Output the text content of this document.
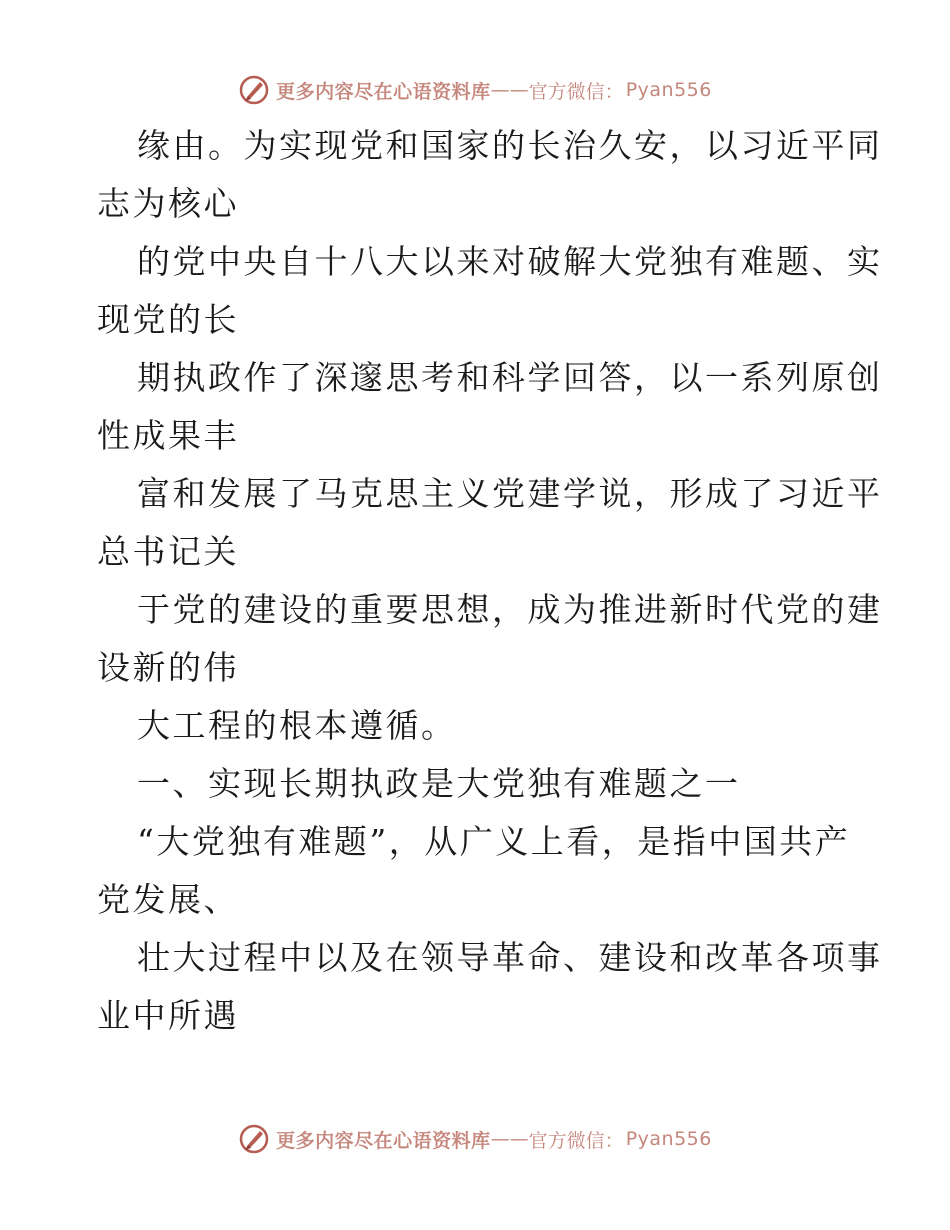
更多内容尽在心语资料库 —— 官方微信： Pyan556
缘由。为实现党和国家的长治久安，以习近平同
志为核心
的党中央自十八大以来对破解大党独有难题、实
现党的长
期执政作了深邃思考和科学回答，以一系列原创
性成果丰
富和发展了马克思主义党建学说，形成了习近平
总书记关
于党的建设的重要思想，成为推进新时代党的建
设新的伟
大工程的根本遵循。
一、实现长期执政是大党独有难题之一
“大党独有难题”，从广义上看，是指中国共产
党发展、
壮大过程中以及在领导革命、建设和改革各项事
业中所遇
更多内容尽在心语资料库 —— 官方微信： Pyan556
